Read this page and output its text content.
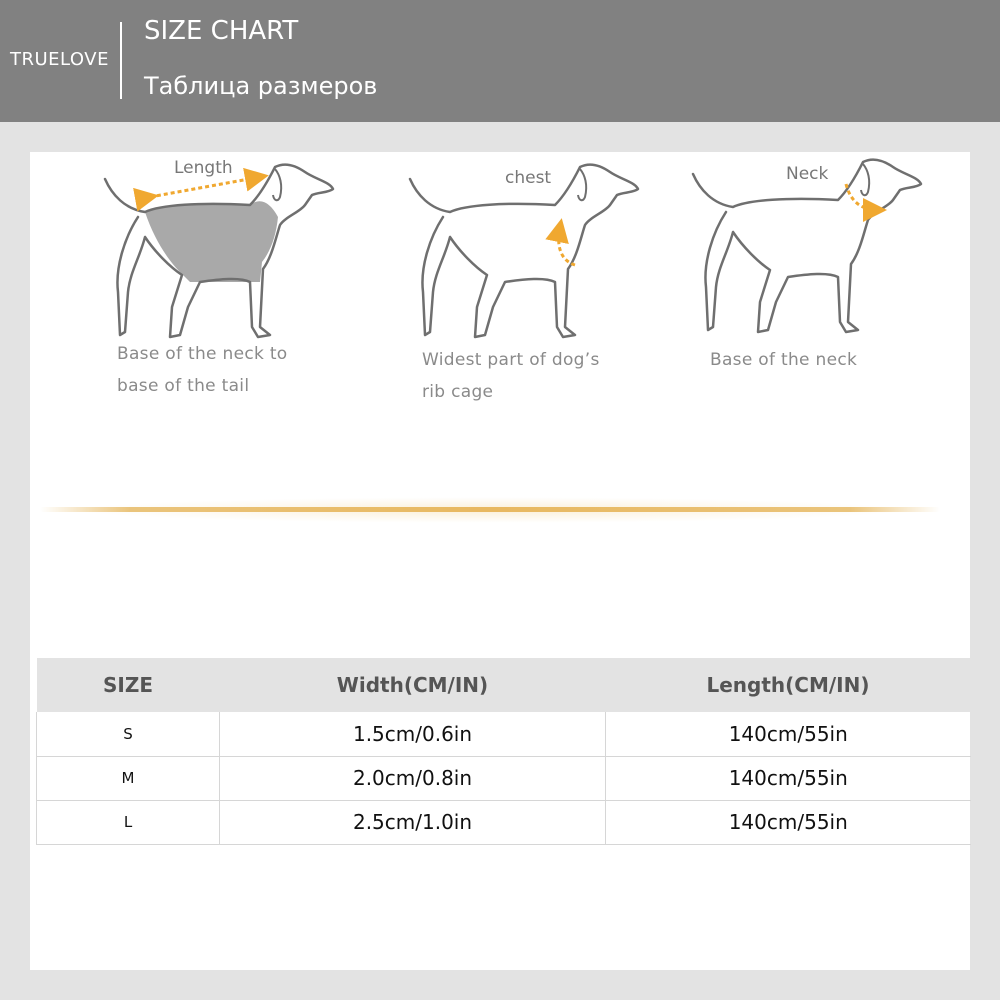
TRUELOVE
SIZE CHART
Таблица размеров
Length
Base of the neck to
base of the tail
chest
Widest part of dog’s
rib cage
Neck
Base of the neck
SIZE	Width(CM/IN)	Length(CM/IN)
S	1.5cm/0.6in	140cm/55in
M	2.0cm/0.8in	140cm/55in
L	2.5cm/1.0in	140cm/55in
